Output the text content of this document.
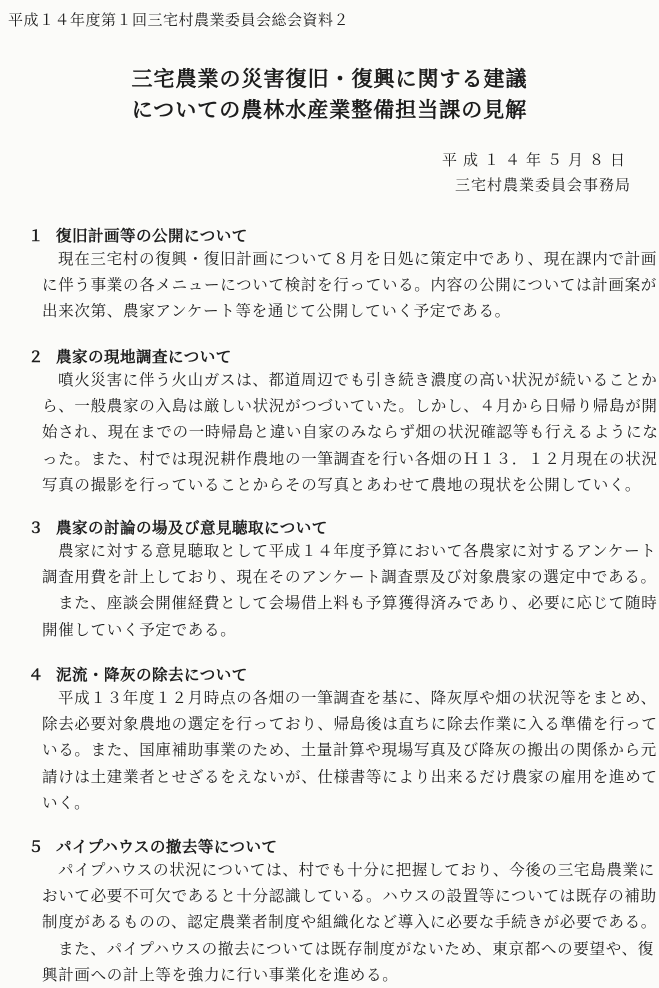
平成１４年度第１回三宅村農業委員会総会資料２
三宅農業の災害復旧・復興に関する建議
についての農林水産業整備担当課の見解
平成１４年５月８日
三宅村農業委員会事務局
１ 復旧計画等の公開について
現在三宅村の復興・復旧計画について８月を日処に策定中であり、現在課内で計画
に伴う事業の各メニューについて検討を行っている。内容の公開については計画案が
出来次第、農家アンケート等を通じて公開していく予定である。
２ 農家の現地調査について
噴火災害に伴う火山ガスは、都道周辺でも引き続き濃度の高い状況が続いることか
ら、一般農家の入島は厳しい状況がつづいていた。しかし、４月から日帰り帰島が開
始され、現在までの一時帰島と違い自家のみならず畑の状況確認等も行えるようにな
った。また、村では現況耕作農地の一筆調査を行い各畑のＨ１３．１２月現在の状況
写真の撮影を行っていることからその写真とあわせて農地の現状を公開していく。
３ 農家の討論の場及び意見聴取について
農家に対する意見聴取として平成１４年度予算において各農家に対するアンケート
調査用費を計上しており、現在そのアンケート調査票及び対象農家の選定中である。
また、座談会開催経費として会場借上料も予算獲得済みであり、必要に応じて随時
開催していく予定である。
４ 泥流・降灰の除去について
平成１３年度１２月時点の各畑の一筆調査を基に、降灰厚や畑の状況等をまとめ、
除去必要対象農地の選定を行っており、帰島後は直ちに除去作業に入る準備を行って
いる。また、国庫補助事業のため、土量計算や現場写真及び降灰の搬出の関係から元
請けは土建業者とせざるをえないが、仕様書等により出来るだけ農家の雇用を進めて
いく。
５ パイプハウスの撤去等について
パイプハウスの状況については、村でも十分に把握しており、今後の三宅島農業に
おいて必要不可欠であると十分認識している。ハウスの設置等については既存の補助
制度があるものの、認定農業者制度や組織化など導入に必要な手続きが必要である。
また、パイプハウスの撤去については既存制度がないため、東京都への要望や、復
興計画への計上等を強力に行い事業化を進める。
